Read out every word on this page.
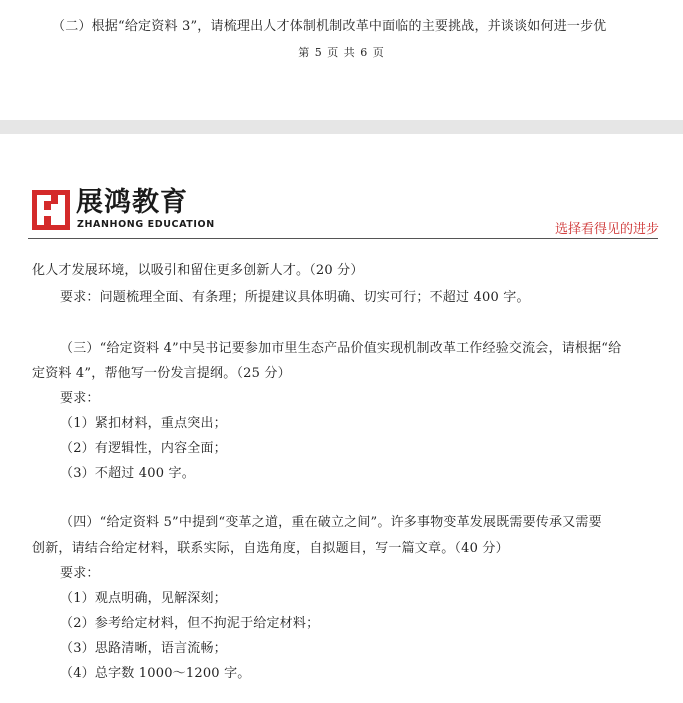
（二）根据“给定资料 3”，请梳理出人才体制机制改革中面临的主要挑战，并谈谈如何进一步优
第 5 页 共 6 页
展鸿教育
ZHANHONG EDUCATION	选择看得见的进步
化人才发展环境，以吸引和留住更多创新人才。（20 分）
要求：问题梳理全面、有条理；所提建议具体明确、切实可行；不超过 400 字。
（三）“给定资料 4”中吴书记要参加市里生态产品价值实现机制改革工作经验交流会，请根据“给
定资料 4”，帮他写一份发言提纲。（25 分）
要求：
（1）紧扣材料，重点突出；
（2）有逻辑性，内容全面；
（3）不超过 400 字。
（四）“给定资料 5”中提到“变革之道，重在破立之间”。许多事物变革发展既需要传承又需要
创新，请结合给定材料，联系实际，自选角度，自拟题目，写一篇文章。（40 分）
要求：
（1）观点明确，见解深刻；
（2）参考给定材料，但不拘泥于给定材料；
（3）思路清晰，语言流畅；
（4）总字数 1000～1200 字。
